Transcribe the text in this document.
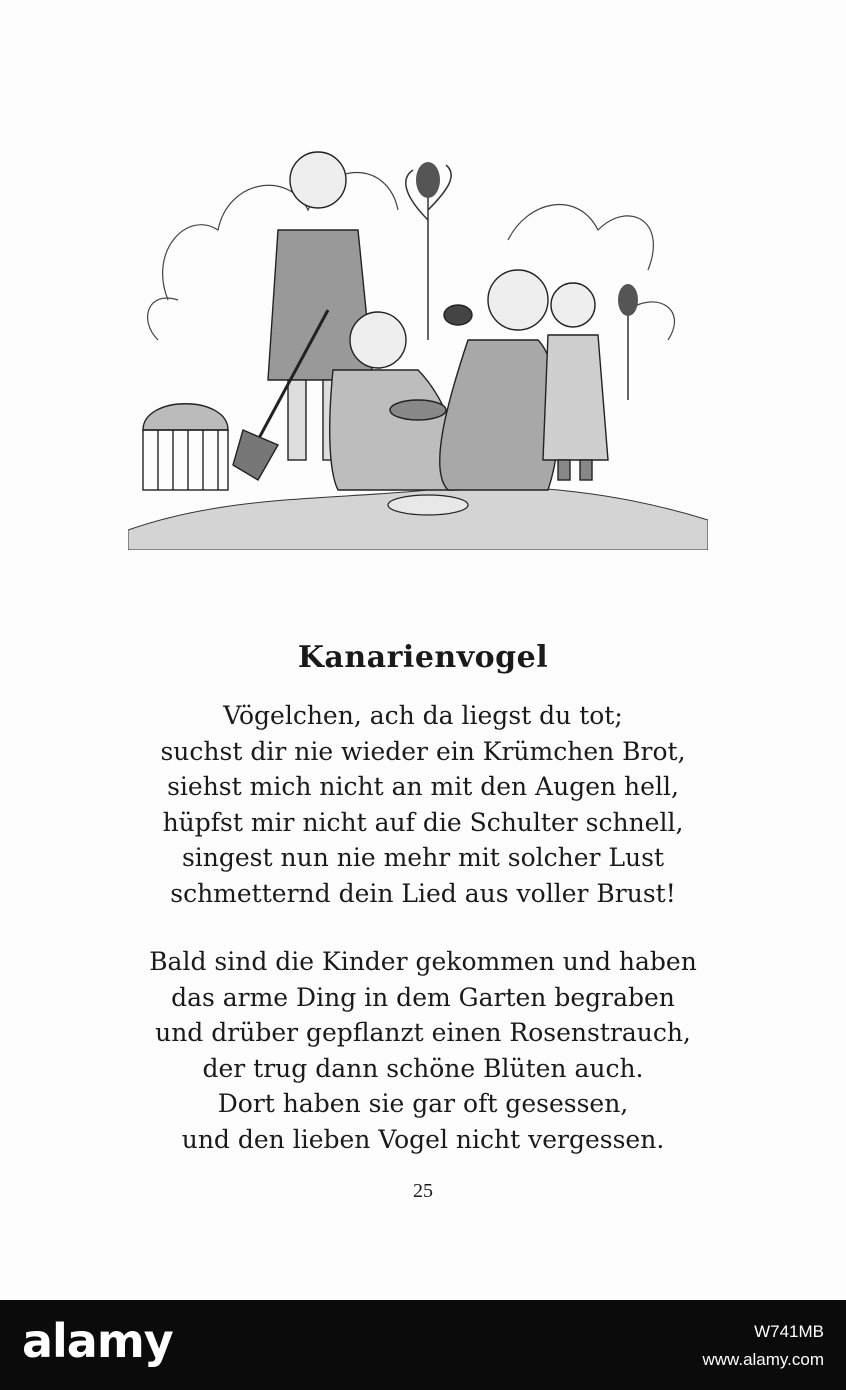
Kanarienvogel
Vögelchen, ach da liegst du tot;
suchst dir nie wieder ein Krümchen Brot,
siehst mich nicht an mit den Augen hell,
hüpfst mir nicht auf die Schulter schnell,
singest nun nie mehr mit solcher Lust
schmetternd dein Lied aus voller Brust!
Bald sind die Kinder gekommen und haben
das arme Ding in dem Garten begraben
und drüber gepflanzt einen Rosenstrauch,
der trug dann schöne Blüten auch.
Dort haben sie gar oft gesessen,
und den lieben Vogel nicht vergessen.
25
alamy	W741MB
www.alamy.com
